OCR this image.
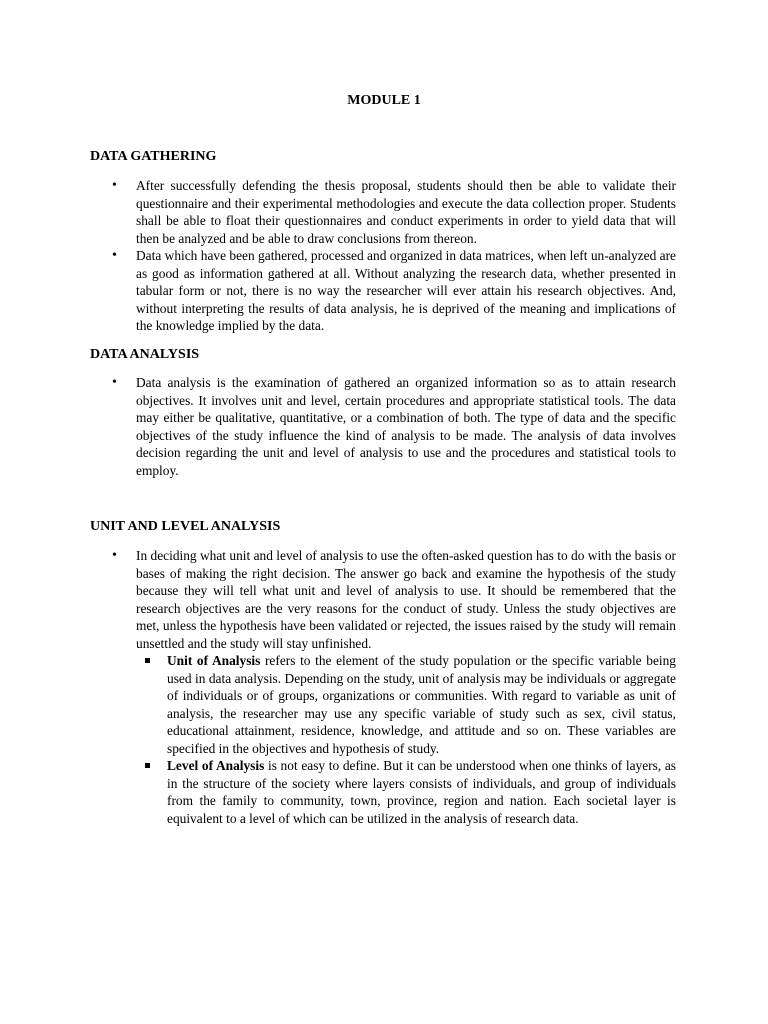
MODULE 1
DATA GATHERING
• After successfully defending the thesis proposal, students should then be able to validate their questionnaire and their experimental methodologies and execute the data collection proper. Students shall be able to float their questionnaires and conduct experiments in order to yield data that will then be analyzed and be able to draw conclusions from thereon.
• Data which have been gathered, processed and organized in data matrices, when left un-analyzed are as good as information gathered at all. Without analyzing the research data, whether presented in tabular form or not, there is no way the researcher will ever attain his research objectives. And, without interpreting the results of data analysis, he is deprived of the meaning and implications of the knowledge implied by the data.
DATA ANALYSIS
• Data analysis is the examination of gathered an organized information so as to attain research objectives. It involves unit and level, certain procedures and appropriate statistical tools. The data may either be qualitative, quantitative, or a combination of both. The type of data and the specific objectives of the study influence the kind of analysis to be made. The analysis of data involves decision regarding the unit and level of analysis to use and the procedures and statistical tools to employ.
UNIT AND LEVEL ANALYSIS
• In deciding what unit and level of analysis to use the often-asked question has to do with the basis or bases of making the right decision. The answer go back and examine the hypothesis of the study because they will tell what unit and level of analysis to use. It should be remembered that the research objectives are the very reasons for the conduct of study. Unless the study objectives are met, unless the hypothesis have been validated or rejected, the issues raised by the study will remain unsettled and the study will stay unfinished.
Unit of Analysis refers to the element of the study population or the specific variable being used in data analysis. Depending on the study, unit of analysis may be individuals or aggregate of individuals or of groups, organizations or communities. With regard to variable as unit of analysis, the researcher may use any specific variable of study such as sex, civil status, educational attainment, residence, knowledge, and attitude and so on. These variables are specified in the objectives and hypothesis of study.
Level of Analysis is not easy to define. But it can be understood when one thinks of layers, as in the structure of the society where layers consists of individuals, and group of individuals from the family to community, town, province, region and nation. Each societal layer is equivalent to a level of which can be utilized in the analysis of research data.
